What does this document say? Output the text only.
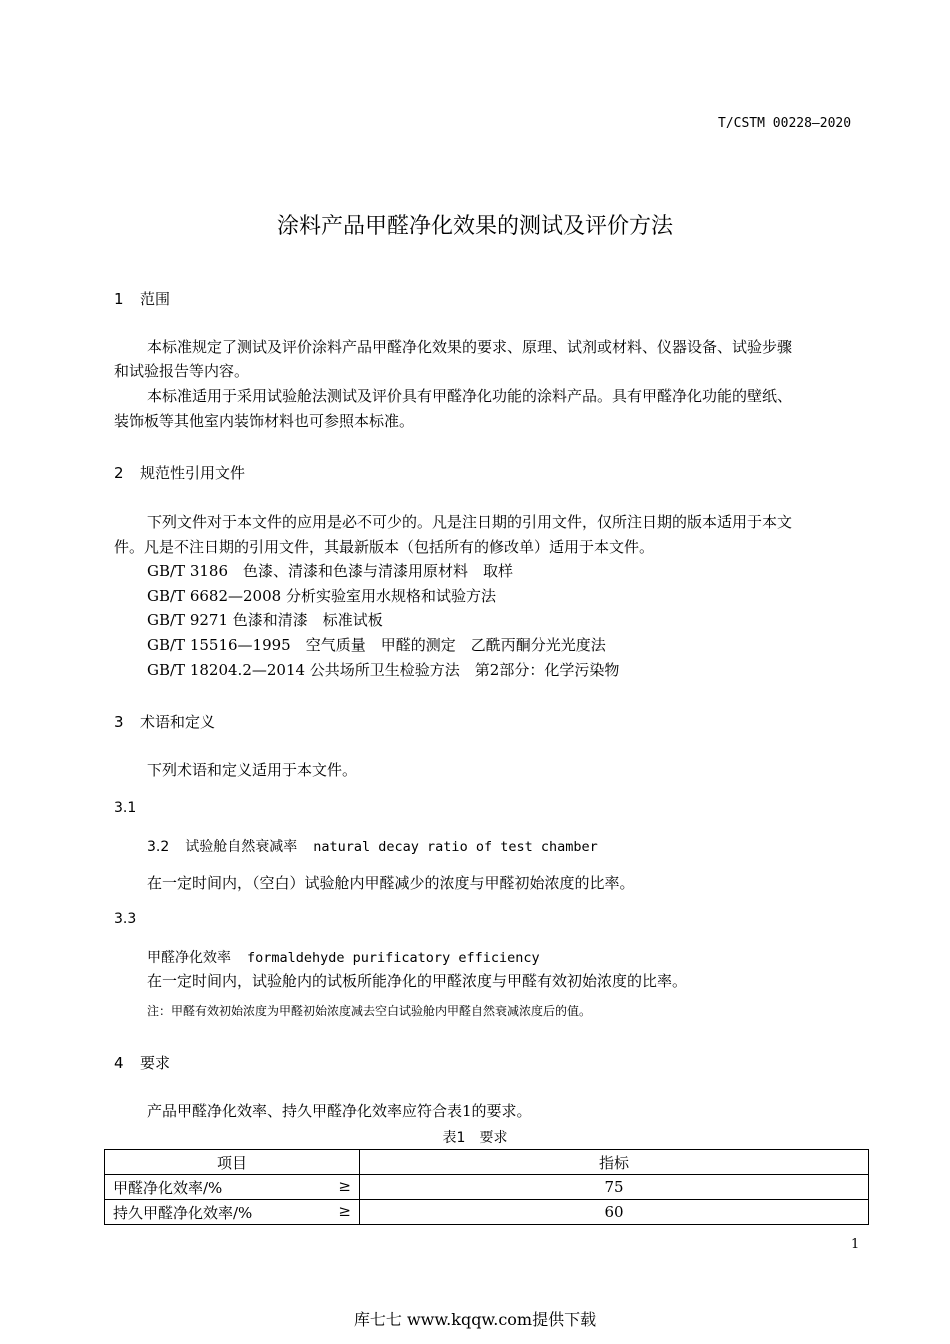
T/CSTM 00228—2020
涂料产品甲醛净化效果的测试及评价方法
1 范围
本标准规定了测试及评价涂料产品甲醛净化效果的要求、原理、试剂或材料、仪器设备、试验步骤
和试验报告等内容。
本标准适用于采用试验舱法测试及评价具有甲醛净化功能的涂料产品。具有甲醛净化功能的壁纸、
装饰板等其他室内装饰材料也可参照本标准。
2 规范性引用文件
下列文件对于本文件的应用是必不可少的。凡是注日期的引用文件，仅所注日期的版本适用于本文
件。凡是不注日期的引用文件，其最新版本（包括所有的修改单）适用于本文件。
GB/T 3186　色漆、清漆和色漆与清漆用原材料　取样
GB/T 6682—2008 分析实验室用水规格和试验方法
GB/T 9271 色漆和清漆　标准试板
GB/T 15516—1995　空气质量　甲醛的测定　乙酰丙酮分光光度法
GB/T 18204.2—2014 公共场所卫生检验方法　第2部分：化学污染物
3 术语和定义
下列术语和定义适用于本文件。
3.1
3.2 试验舱自然衰减率 natural decay ratio of test chamber
在一定时间内，（空白）试验舱内甲醛减少的浓度与甲醛初始浓度的比率。
3.3
甲醛净化效率 formaldehyde purificatory efficiency
在一定时间内，试验舱内的试板所能净化的甲醛浓度与甲醛有效初始浓度的比率。
注：甲醛有效初始浓度为甲醛初始浓度减去空白试验舱内甲醛自然衰减浓度后的值。
4 要求
产品甲醛净化效率、持久甲醛净化效率应符合表1的要求。
表1　要求
项目	指标
甲醛净化效率/% ≥	75
持久甲醛净化效率/% ≥	60
1
库七七 www.kqqw.com提供下载
